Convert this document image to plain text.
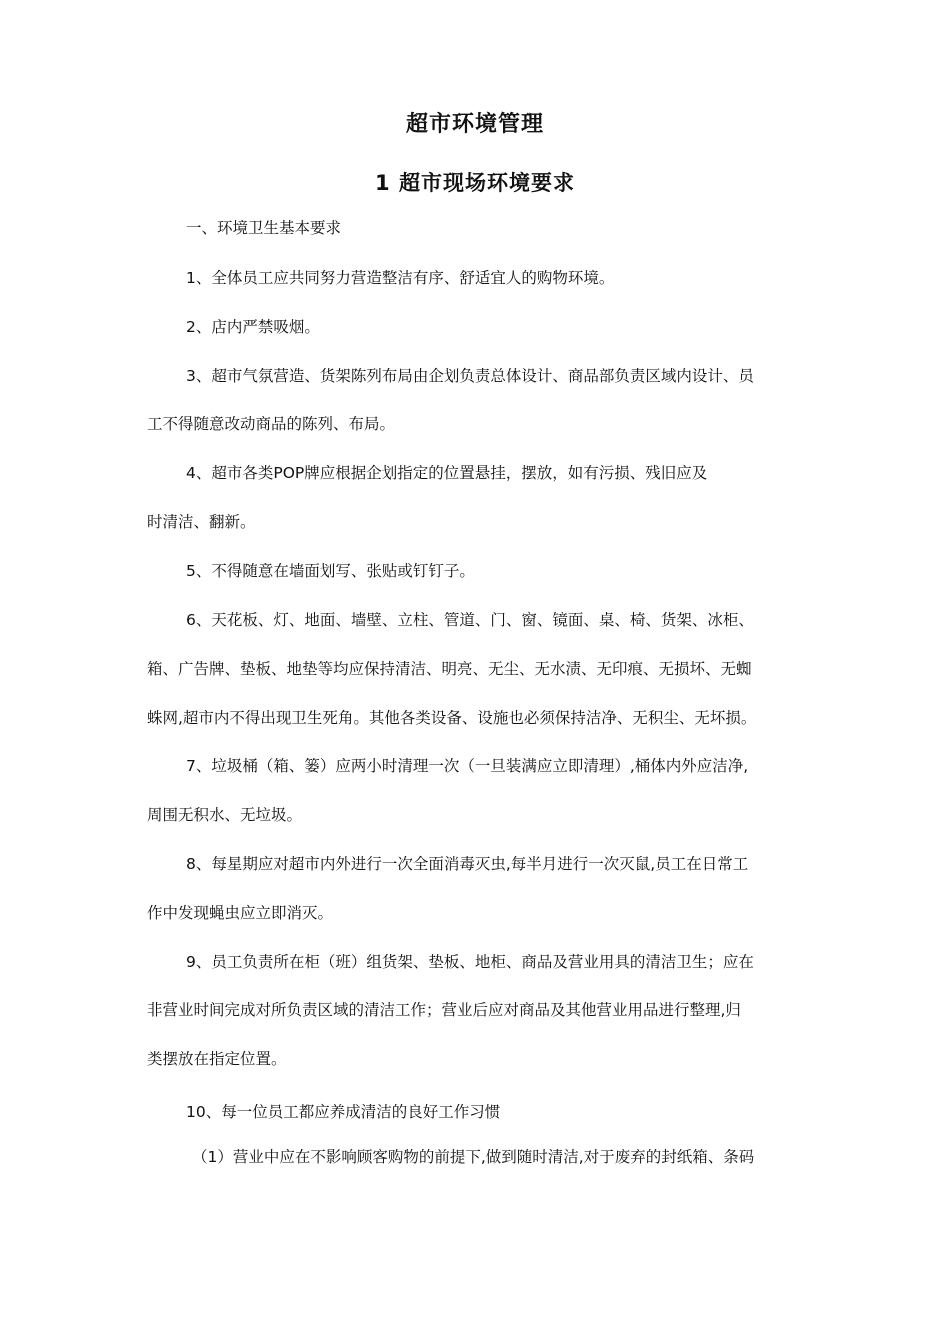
超市环境管理
1 超市现场环境要求
一、环境卫生基本要求
1、全体员工应共同努力营造整洁有序、舒适宜人的购物环境。
2、店内严禁吸烟。
3、超市气氛营造、货架陈列布局由企划负责总体设计、商品部负责区域内设计、员
工不得随意改动商品的陈列、布局。
4、超市各类POP牌应根据企划指定的位置悬挂，摆放，如有污损、残旧应及
时清洁、翻新。
5、不得随意在墙面划写、张贴或钉钉子。
6、天花板、灯、地面、墙壁、立柱、管道、门、窗、镜面、桌、椅、货架、冰柜、
箱、广告牌、垫板、地垫等均应保持清洁、明亮、无尘、无水渍、无印痕、无损坏、无蜘
蛛网,超市内不得出现卫生死角。其他各类设备、设施也必须保持洁净、无积尘、无坏损。
7、垃圾桶（箱、篓）应两小时清理一次（一旦装满应立即清理）,桶体内外应洁净,
周围无积水、无垃圾。
8、每星期应对超市内外进行一次全面消毒灭虫,每半月进行一次灭鼠,员工在日常工
作中发现蝇虫应立即消灭。
9、员工负责所在柜（班）组货架、垫板、地柜、商品及营业用具的清洁卫生；应在
非营业时间完成对所负责区域的清洁工作；营业后应对商品及其他营业用品进行整理,归
类摆放在指定位置。
10、每一位员工都应养成清洁的良好工作习惯
（1）营业中应在不影响顾客购物的前提下,做到随时清洁,对于废弃的封纸箱、条码
